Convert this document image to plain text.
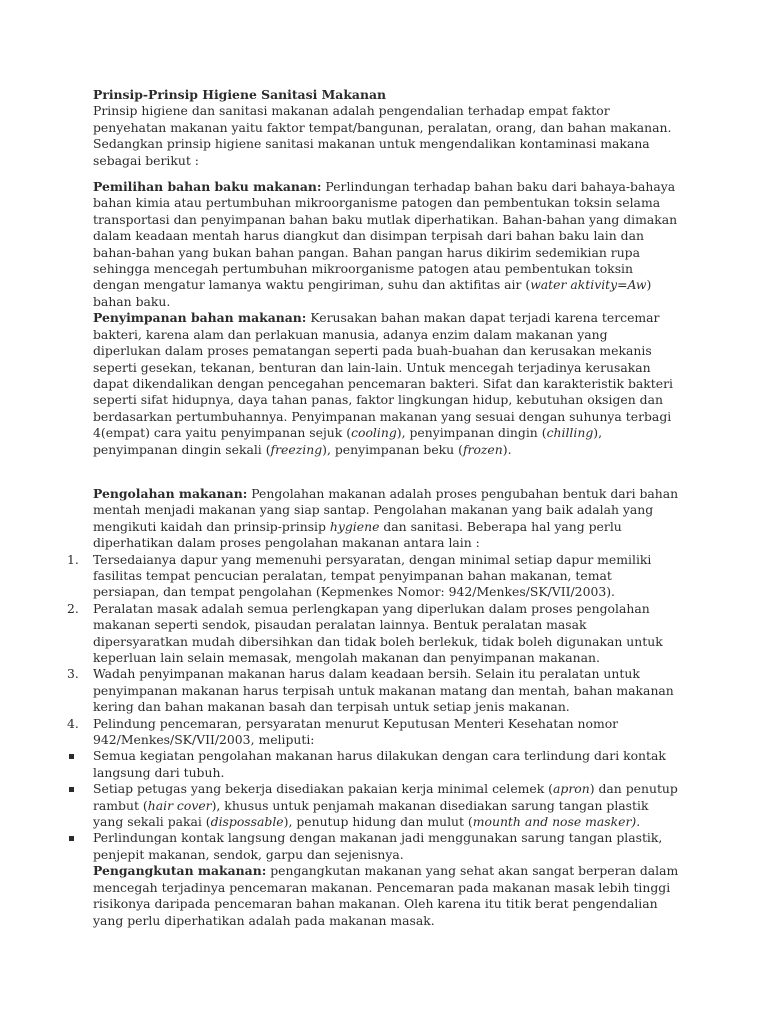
Prinsip-Prinsip Higiene Sanitasi Makanan

Prinsip higiene dan sanitasi makanan adalah pengendalian terhadap empat faktor penyehatan makanan yaitu faktor tempat/bangunan, peralatan, orang, dan bahan makanan. Sedangkan prinsip higiene sanitasi makanan untuk mengendalikan kontaminasi makana sebagai berikut :

Pemilihan bahan baku makanan: Perlindungan terhadap bahan baku dari bahaya-bahaya bahan kimia atau pertumbuhan mikroorganisme patogen dan pembentukan toksin selama transportasi dan penyimpanan bahan baku mutlak diperhatikan. Bahan-bahan yang dimakan dalam keadaan mentah harus diangkut dan disimpan terpisah dari bahan baku lain dan bahan-bahan yang bukan bahan pangan. Bahan pangan harus dikirim sedemikian rupa sehingga mencegah pertumbuhan mikroorganisme patogen atau pembentukan toksin dengan mengatur lamanya waktu pengiriman, suhu dan aktifitas air (water aktivity=Aw) bahan baku.

Penyimpanan bahan makanan: Kerusakan bahan makan dapat terjadi karena tercemar bakteri, karena alam dan perlakuan manusia, adanya enzim dalam makanan yang diperlukan dalam proses pematangan seperti pada buah-buahan dan kerusakan mekanis seperti gesekan, tekanan, benturan dan lain-lain. Untuk mencegah terjadinya kerusakan dapat dikendalikan dengan pencegahan pencemaran bakteri. Sifat dan karakteristik bakteri seperti sifat hidupnya, daya tahan panas, faktor lingkungan hidup, kebutuhan oksigen dan berdasarkan pertumbuhannya. Penyimpanan makanan yang sesuai dengan suhunya terbagi 4(empat) cara yaitu penyimpanan sejuk (cooling), penyimpanan dingin (chilling), penyimpanan dingin sekali (freezing), penyimpanan beku (frozen).

Pengolahan makanan: Pengolahan makanan adalah proses pengubahan bentuk dari bahan mentah menjadi makanan yang siap santap. Pengolahan makanan yang baik adalah yang mengikuti kaidah dan prinsip-prinsip hygiene dan sanitasi. Beberapa hal yang perlu diperhatikan dalam proses pengolahan makanan antara lain :

1.	Tersedaianya dapur yang memenuhi persyaratan, dengan minimal setiap dapur memiliki fasilitas tempat pencucian peralatan, tempat penyimpanan bahan makanan, temat persiapan, dan tempat pengolahan (Kepmenkes Nomor: 942/Menkes/SK/VII/2003).
2.	Peralatan masak adalah semua perlengkapan yang diperlukan dalam proses pengolahan makanan seperti sendok, pisaudan peralatan lainnya. Bentuk peralatan masak dipersyaratkan mudah dibersihkan dan tidak boleh berlekuk, tidak boleh digunakan untuk keperluan lain selain memasak, mengolah makanan dan penyimpanan makanan.
3.	Wadah penyimpanan makanan harus dalam keadaan bersih. Selain itu peralatan untuk penyimpanan makanan harus terpisah untuk makanan matang dan mentah, bahan makanan kering dan bahan makanan basah dan terpisah untuk setiap jenis makanan.
4.	Pelindung pencemaran, persyaratan menurut Keputusan Menteri Kesehatan nomor 942/Menkes/SK/VII/2003, meliputi:
Semua kegiatan pengolahan makanan harus dilakukan dengan cara terlindung dari kontak langsung dari tubuh.
Setiap petugas yang bekerja disediakan pakaian kerja minimal celemek (apron) dan penutup rambut (hair cover), khusus untuk penjamah makanan disediakan sarung tangan plastik yang sekali pakai (dispossable), penutup hidung dan mulut (mounth and nose masker).
Perlindungan kontak langsung dengan makanan jadi menggunakan sarung tangan plastik, penjepit makanan, sendok, garpu dan sejenisnya.

Pengangkutan makanan: pengangkutan makanan yang sehat akan sangat berperan dalam mencegah terjadinya pencemaran makanan. Pencemaran pada makanan masak lebih tinggi risikonya daripada pencemaran bahan makanan. Oleh karena itu titik berat pengendalian yang perlu diperhatikan adalah pada makanan masak.
